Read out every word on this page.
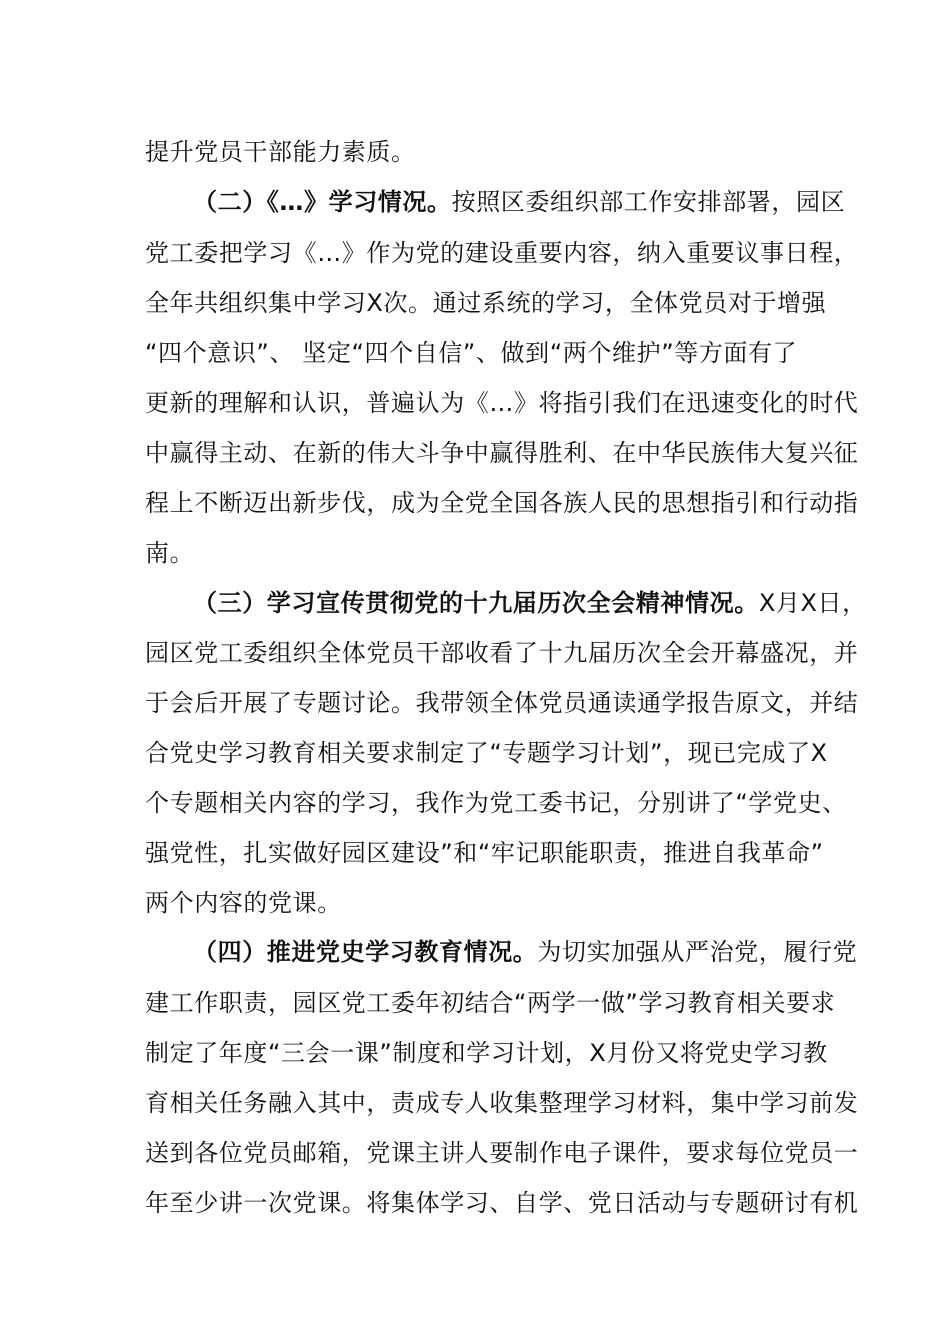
提升党员干部能力素质。
（二）《…》学习情况。按照区委组织部工作安排部署，园区
党工委把学习《…》作为党的建设重要内容，纳入重要议事日程，
全年共组织集中学习X次。通过系统的学习，全体党员对于增强
“四个意识”、 坚定“四个自信”、做到“两个维护”等方面有了
更新的理解和认识，普遍认为《…》将指引我们在迅速变化的时代
中赢得主动、在新的伟大斗争中赢得胜利、在中华民族伟大复兴征
程上不断迈出新步伐，成为全党全国各族人民的思想指引和行动指
南。
（三）学习宣传贯彻党的十九届历次全会精神情况。X月X日，
园区党工委组织全体党员干部收看了十九届历次全会开幕盛况，并
于会后开展了专题讨论。我带领全体党员通读通学报告原文，并结
合党史学习教育相关要求制定了“专题学习计划”，现已完成了X
个专题相关内容的学习，我作为党工委书记，分别讲了“学党史、
强党性，扎实做好园区建设”和“牢记职能职责，推进自我革命”
两个内容的党课。
（四）推进党史学习教育情况。为切实加强从严治党，履行党
建工作职责，园区党工委年初结合“两学一做”学习教育相关要求
制定了年度“三会一课”制度和学习计划，X月份又将党史学习教
育相关任务融入其中，责成专人收集整理学习材料，集中学习前发
送到各位党员邮箱，党课主讲人要制作电子课件，要求每位党员一
年至少讲一次党课。将集体学习、自学、党日活动与专题研讨有机
